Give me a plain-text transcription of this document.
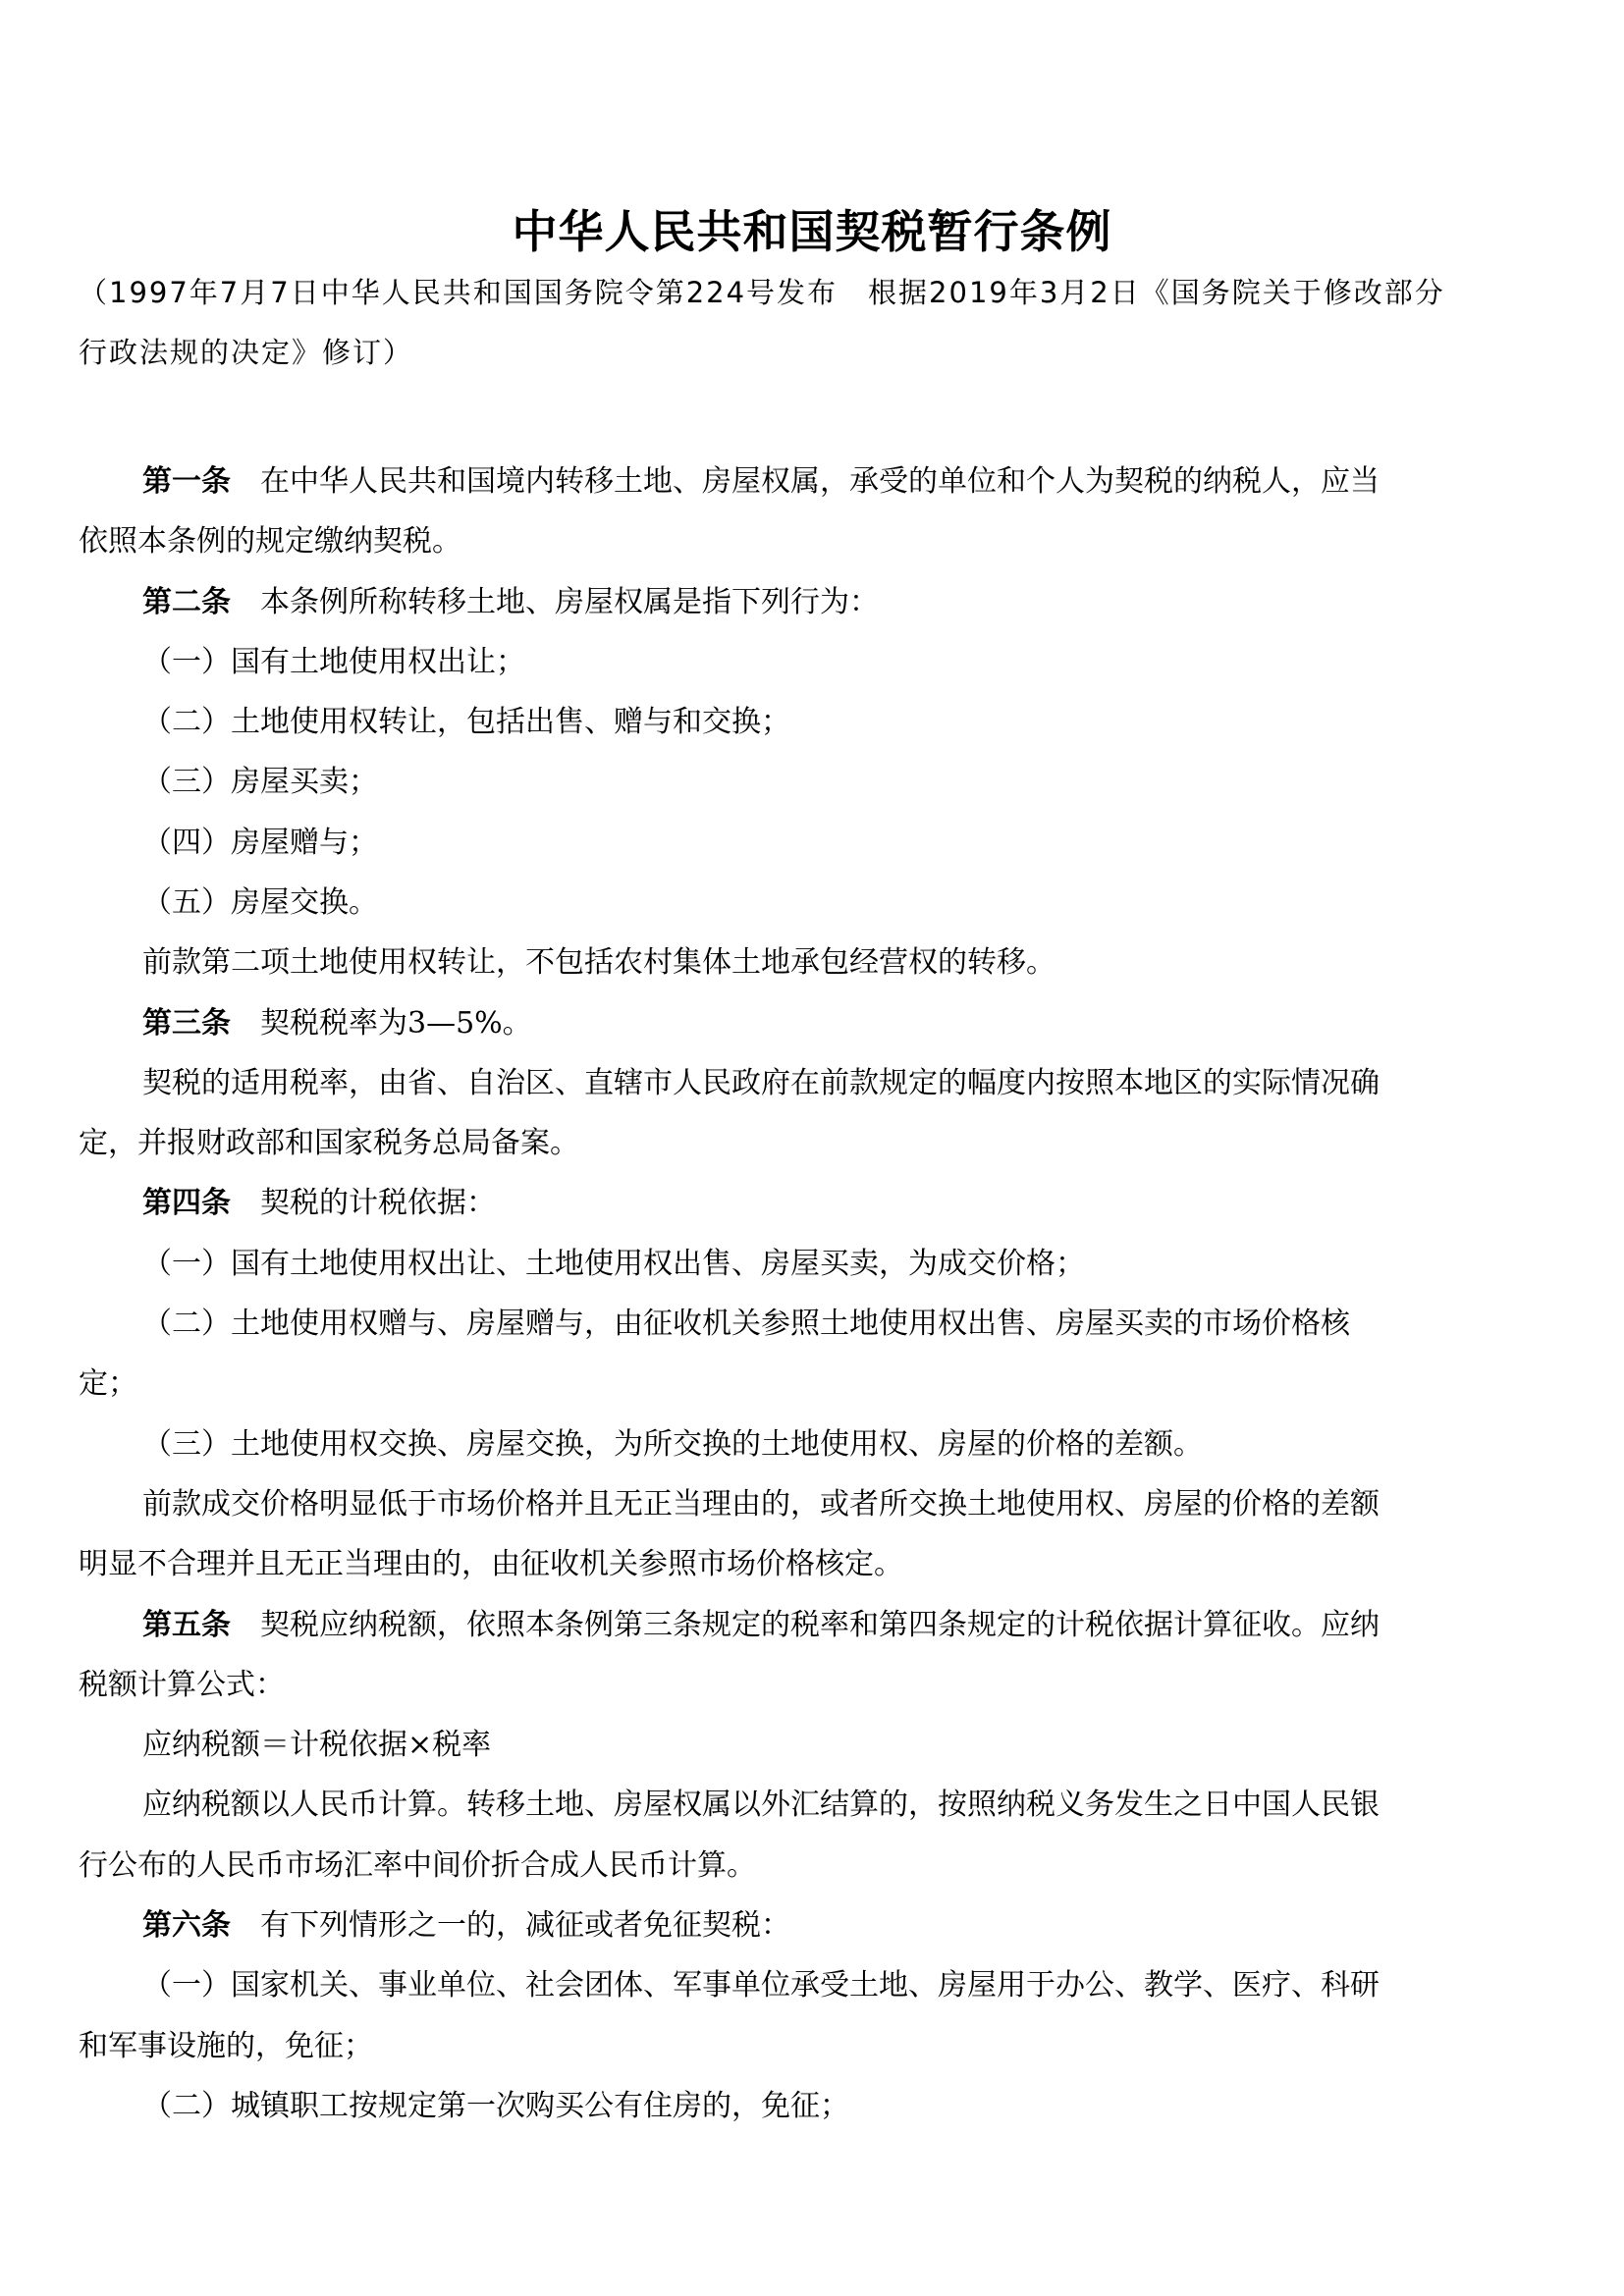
中华人民共和国契税暂行条例
（1997年7月7日中华人民共和国国务院令第224号发布　根据2019年3月2日《国务院关于修改部分
行政法规的决定》修订）
第一条　在中华人民共和国境内转移土地、房屋权属，承受的单位和个人为契税的纳税人，应当
依照本条例的规定缴纳契税。
第二条　本条例所称转移土地、房屋权属是指下列行为：
（一）国有土地使用权出让；
（二）土地使用权转让，包括出售、赠与和交换；
（三）房屋买卖；
（四）房屋赠与；
（五）房屋交换。
前款第二项土地使用权转让，不包括农村集体土地承包经营权的转移。
第三条　契税税率为3—5%。
契税的适用税率，由省、自治区、直辖市人民政府在前款规定的幅度内按照本地区的实际情况确
定，并报财政部和国家税务总局备案。
第四条　契税的计税依据：
（一）国有土地使用权出让、土地使用权出售、房屋买卖，为成交价格；
（二）土地使用权赠与、房屋赠与，由征收机关参照土地使用权出售、房屋买卖的市场价格核
定；
（三）土地使用权交换、房屋交换，为所交换的土地使用权、房屋的价格的差额。
前款成交价格明显低于市场价格并且无正当理由的，或者所交换土地使用权、房屋的价格的差额
明显不合理并且无正当理由的，由征收机关参照市场价格核定。
第五条　契税应纳税额，依照本条例第三条规定的税率和第四条规定的计税依据计算征收。应纳
税额计算公式：
应纳税额＝计税依据×税率
应纳税额以人民币计算。转移土地、房屋权属以外汇结算的，按照纳税义务发生之日中国人民银
行公布的人民币市场汇率中间价折合成人民币计算。
第六条　有下列情形之一的，减征或者免征契税：
（一）国家机关、事业单位、社会团体、军事单位承受土地、房屋用于办公、教学、医疗、科研
和军事设施的，免征；
（二）城镇职工按规定第一次购买公有住房的，免征；
